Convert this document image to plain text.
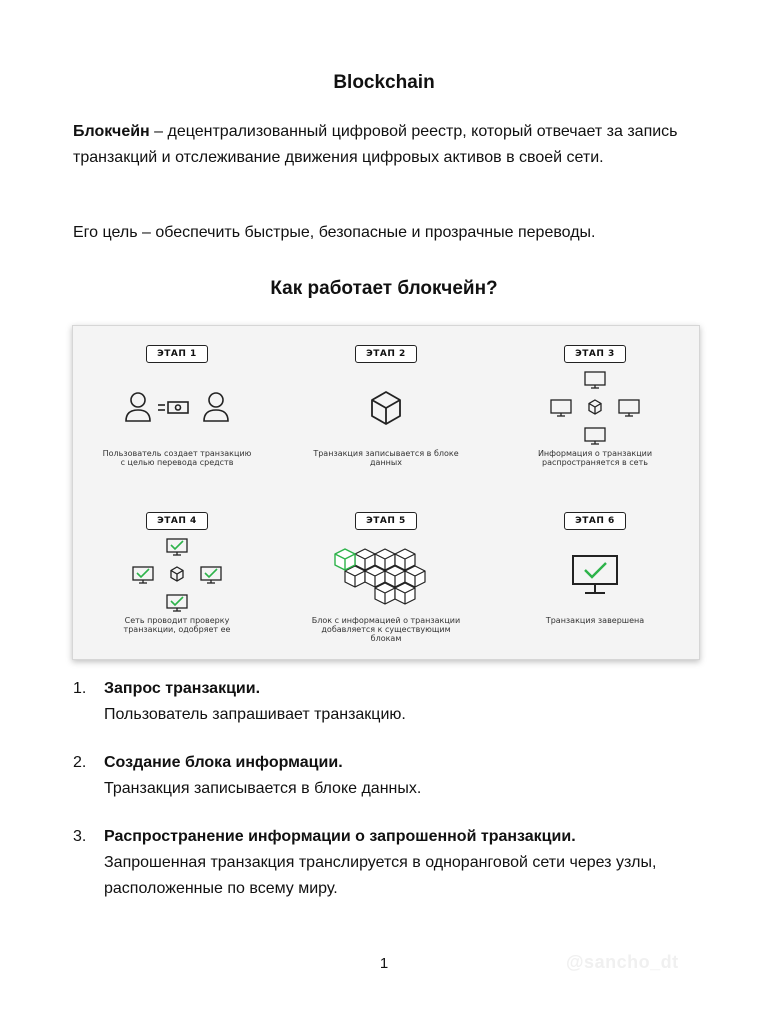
Blockchain

Блокчейн – децентрализованный цифровой реестр, который отвечает за запись транзакций и отслеживание движения цифровых активов в своей сети.

Его цель – обеспечить быстрые, безопасные и прозрачные переводы.

Как работает блокчейн?
ЭТАП 1
Пользователь создает транзакцию с целью перевода средств
ЭТАП 2
Транзакция записывается в блоке данных
ЭТАП 3
Информация о транзакции распространяется в сеть
ЭТАП 4
Сеть проводит проверку транзакции, одобряет ее
ЭТАП 5
Блок с информацией о транзакции добавляется к существующим блокам
ЭТАП 6
Транзакция завершена
1. Запрос транзакции.
Пользователь запрашивает транзакцию.
2. Создание блока информации.
Транзакция записывается в блоке данных.
3. Распространение информации о запрошенной транзакции.
Запрошенная транзакция транслируется в одноранговой сети через узлы, расположенные по всему миру.
1	@sancho_dt
